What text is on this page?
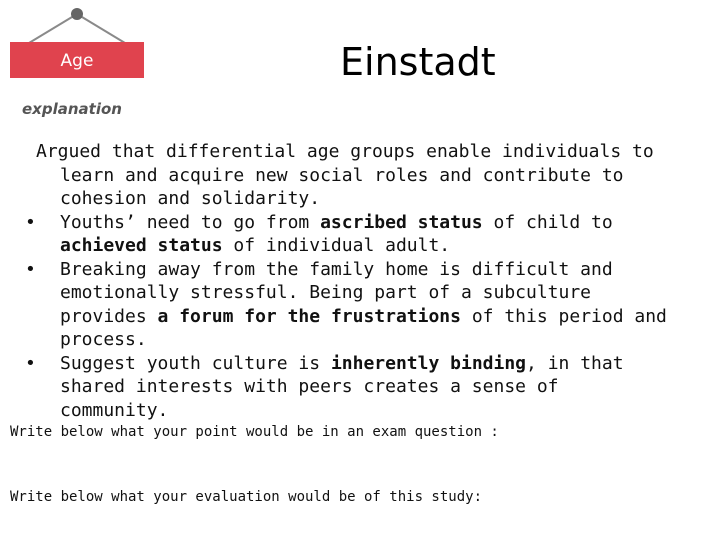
Age
explanation
Einstadt

Argued that differential age groups enable individuals to learn and acquire new social roles and contribute to cohesion and solidarity.

• Youths’ need to go from ascribed status of child to achieved status of individual adult.
• Breaking away from the family home is difficult and emotionally stressful. Being part of a subculture provides a forum for the frustrations of this period and process.
• Suggest youth culture is inherently binding, in that shared interests with peers creates a sense of community.
Write below what your point would be in an exam question :
Write below what your evaluation would be of this study:
